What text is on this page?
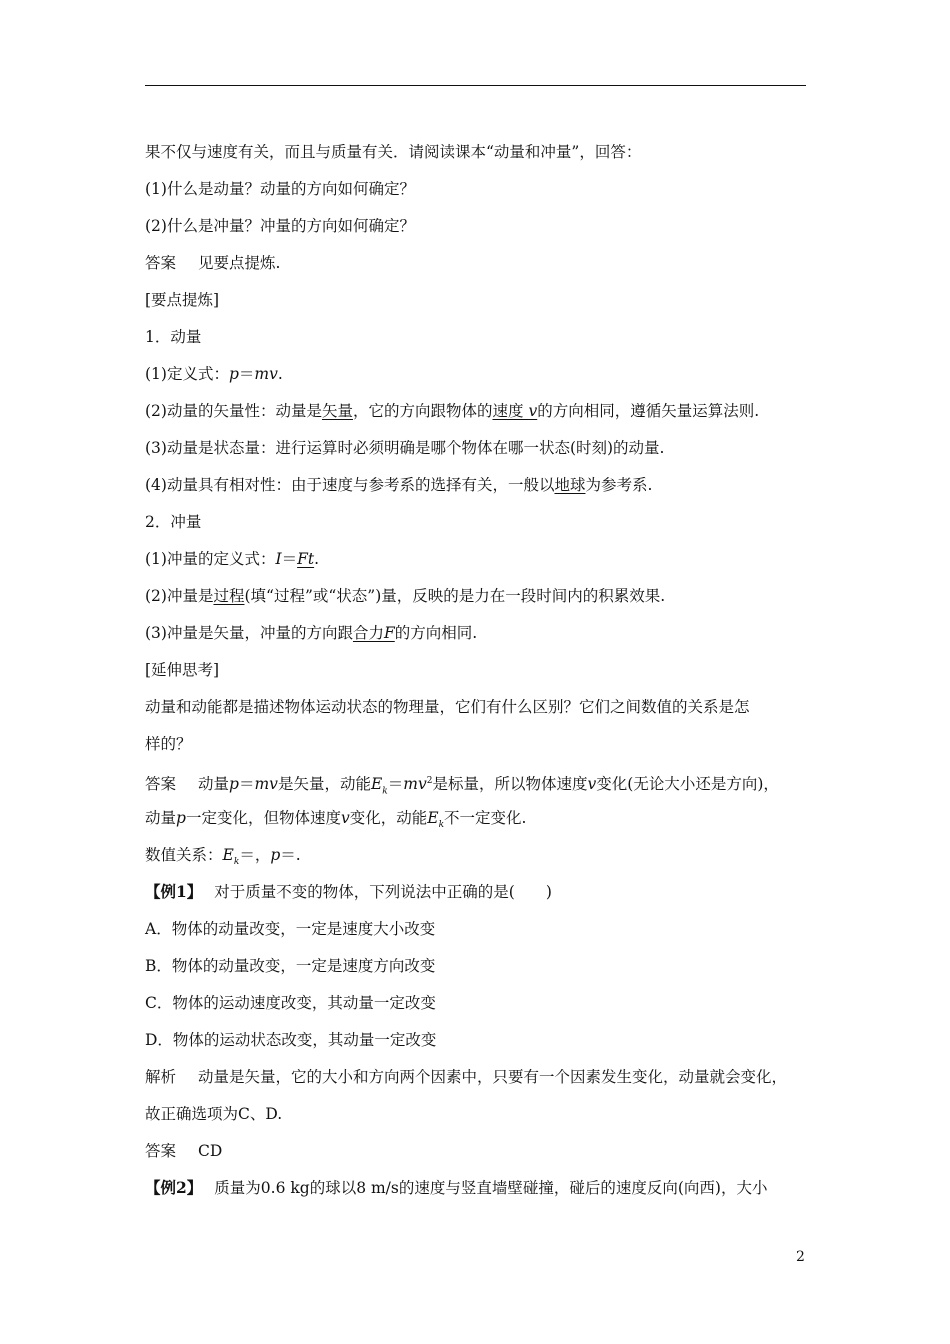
果不仅与速度有关，而且与质量有关．请阅读课本“动量和冲量”，回答：
(1)什么是动量？动量的方向如何确定？
(2)什么是冲量？冲量的方向如何确定？
答案 见要点提炼.
[要点提炼]
1．动量
(1)定义式：p＝mv.
(2)动量的矢量性：动量是矢量，它的方向跟物体的速度 v的方向相同，遵循矢量运算法则.
(3)动量是状态量：进行运算时必须明确是哪个物体在哪一状态(时刻)的动量.
(4)动量具有相对性：由于速度与参考系的选择有关，一般以地球为参考系.
2．冲量
(1)冲量的定义式：I＝Ft.
(2)冲量是过程(填“过程”或“状态”)量，反映的是力在一段时间内的积累效果.
(3)冲量是矢量，冲量的方向跟合力F的方向相同.
[延伸思考]
动量和动能都是描述物体运动状态的物理量，它们有什么区别？它们之间数值的关系是怎
样的？
答案 动量p＝mv是矢量，动能$E_k=mv^2$是标量，所以物体速度v变化(无论大小还是方向)，
动量p一定变化，但物体速度v变化，动能$E_k$不一定变化.
数值关系：$E_k=$，p＝.
【例1】 对于质量不变的物体，下列说法中正确的是(　　)
A．物体的动量改变，一定是速度大小改变
B．物体的动量改变，一定是速度方向改变
C．物体的运动速度改变，其动量一定改变
D．物体的运动状态改变，其动量一定改变
解析 动量是矢量，它的大小和方向两个因素中，只要有一个因素发生变化，动量就会变化，
故正确选项为C、D.
答案 CD
【例2】 质量为0.6 kg的球以8 m/s的速度与竖直墙壁碰撞，碰后的速度反向(向西)，大小
2
